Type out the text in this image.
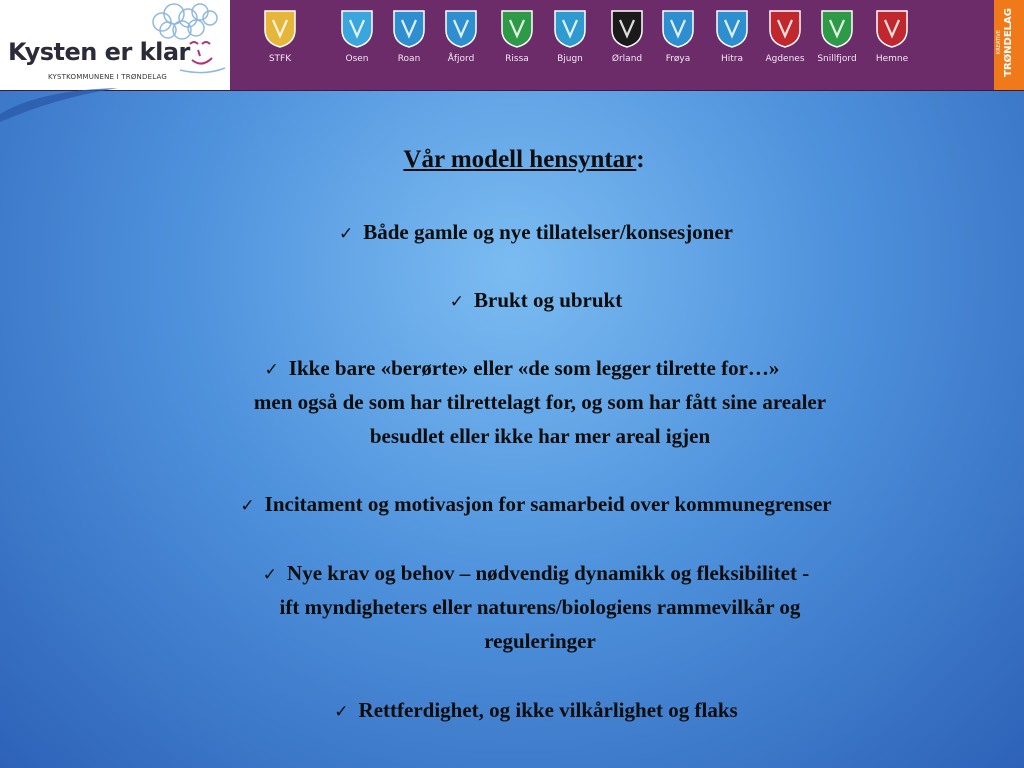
Kysten er klar
KYSTKOMMUNENE I TRØNDELAG
STFK	Osen	Roan	Åfjord	Rissa	Bjugn	Ørland	Frøya	Hitra	Agdenes	Snillfjord	Hemne
KREATIVE TRØNDELAG
Vår modell hensyntar:
✓ Både gamle og nye tillatelser/konsesjoner
✓ Brukt og ubrukt
✓ Ikke bare «berørte» eller «de som legger tilrette for…»
men også de som har tilrettelagt for, og som har fått sine arealer
besudlet eller ikke har mer areal igjen
✓ Incitament og motivasjon for samarbeid over kommunegrenser
✓ Nye krav og behov – nødvendig dynamikk og fleksibilitet -
ift myndigheters eller naturens/biologiens rammevilkår og
reguleringer
✓ Rettferdighet, og ikke vilkårlighet og flaks
